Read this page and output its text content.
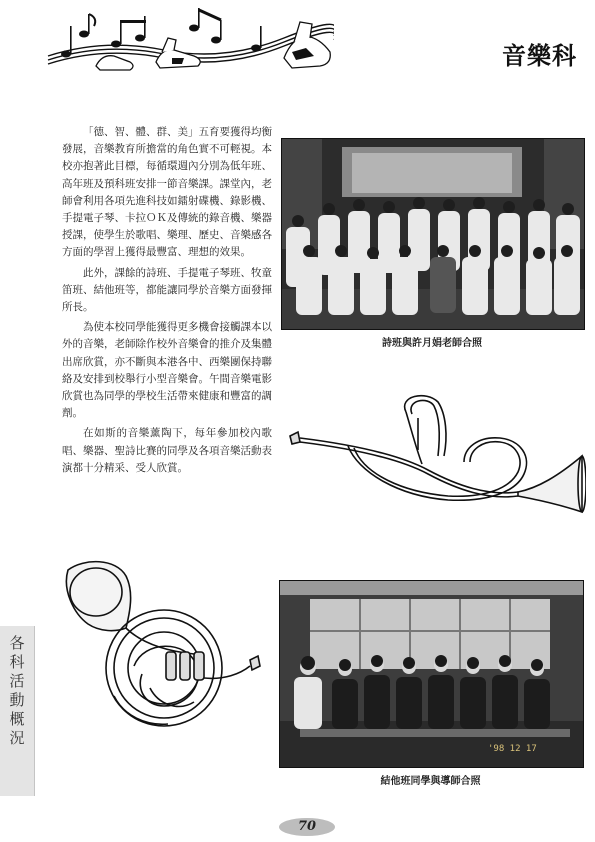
音樂科

「德、智、體、群、美」五育要獲得均衡發展，音樂教育所擔當的角色實不可輕視。本校亦抱著此目標，每循環週內分別為低年班、高年班及預科班安排一節音樂課。課堂內，老師會利用各項先進科技如鐳射碟機、錄影機、手提電子琴、卡拉ＯＫ及傳統的錄音機、樂器授課，使學生於歌唱、樂理、歷史、音樂感各方面的學習上獲得最豐富、理想的效果。

此外，課餘的詩班、手提電子琴班、牧童笛班、結他班等，都能讓同學於音樂方面發揮所長。

為使本校同學能獲得更多機會接觸課本以外的音樂，老師除作校外音樂會的推介及集體出席欣賞，亦不斷與本港各中、西樂團保持聯絡及安排到校舉行小型音樂會。午間音樂電影欣賞也為同學的學校生活帶來健康和豐富的調劑。

在如斯的音樂薰陶下，每年參加校內歌唱、樂器、聖詩比賽的同學及各項音樂活動表演都十分精采、受人欣賞。

詩班與許月娟老師合照
'98 12 17
結他班同學與導師合照
各科活動概況
70
